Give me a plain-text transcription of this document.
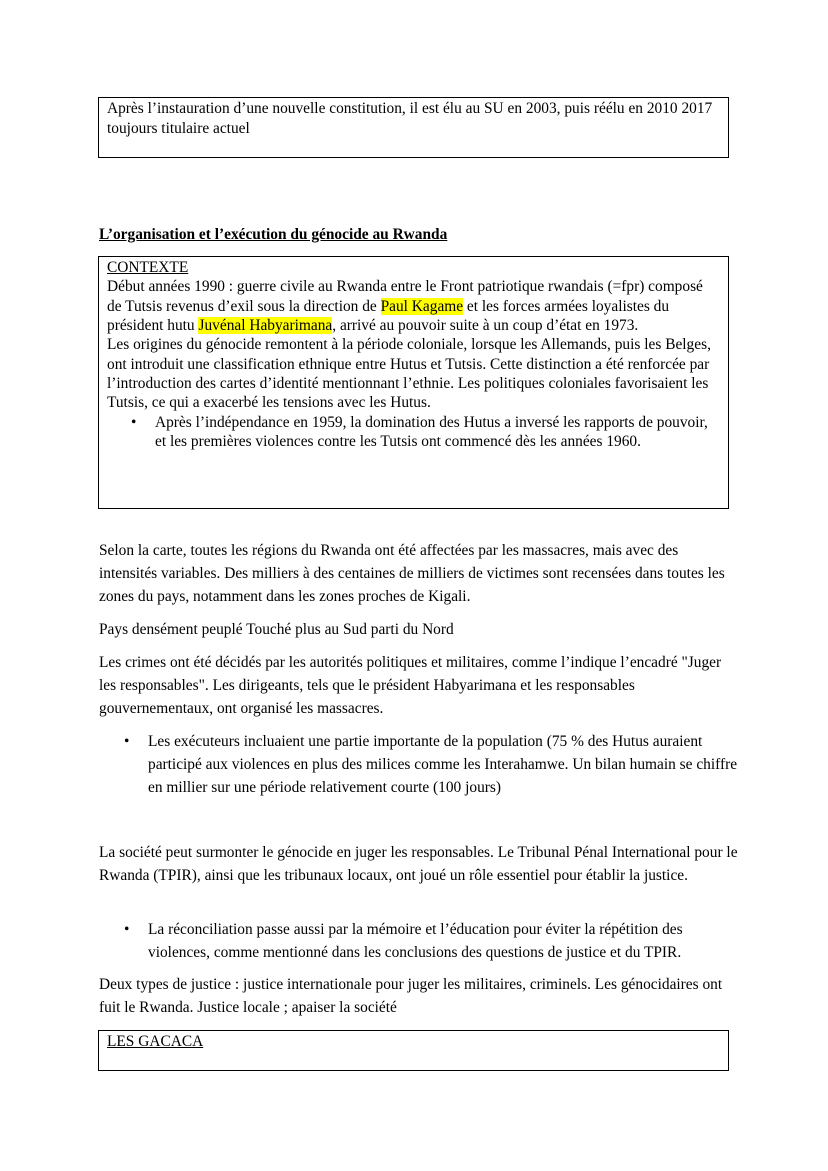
Après l’instauration d’une nouvelle constitution, il est élu au SU en 2003, puis réélu en 2010 2017 toujours titulaire actuel

L’organisation et l’exécution du génocide au Rwanda
CONTEXTE

Début années 1990 : guerre civile au Rwanda entre le Front patriotique rwandais (=fpr) composé de Tutsis revenus d’exil sous la direction de Paul Kagame et les forces armées loyalistes du président hutu Juvénal Habyarimana, arrivé au pouvoir suite à un coup d’état en 1973.

Les origines du génocide remontent à la période coloniale, lorsque les Allemands, puis les Belges, ont introduit une classification ethnique entre Hutus et Tutsis. Cette distinction a été renforcée par l’introduction des cartes d’identité mentionnant l’ethnie. Les politiques coloniales favorisaient les Tutsis, ce qui a exacerbé les tensions avec les Hutus.

• Après l’indépendance en 1959, la domination des Hutus a inversé les rapports de pouvoir, et les premières violences contre les Tutsis ont commencé dès les années 1960.

Selon la carte, toutes les régions du Rwanda ont été affectées par les massacres, mais avec des intensités variables. Des milliers à des centaines de milliers de victimes sont recensées dans toutes les zones du pays, notamment dans les zones proches de Kigali.

Pays densément peuplé Touché plus au Sud parti du Nord

Les crimes ont été décidés par les autorités politiques et militaires, comme l’indique l’encadré "Juger les responsables". Les dirigeants, tels que le président Habyarimana et les responsables gouvernementaux, ont organisé les massacres.

• Les exécuteurs incluaient une partie importante de la population (75 % des Hutus auraient participé aux violences en plus des milices comme les Interahamwe. Un bilan humain se chiffre en millier sur une période relativement courte (100 jours)

La société peut surmonter le génocide en juger les responsables. Le Tribunal Pénal International pour le Rwanda (TPIR), ainsi que les tribunaux locaux, ont joué un rôle essentiel pour établir la justice.

• La réconciliation passe aussi par la mémoire et l’éducation pour éviter la répétition des violences, comme mentionné dans les conclusions des questions de justice et du TPIR.

Deux types de justice : justice internationale pour juger les militaires, criminels. Les génocidaires ont fuit le Rwanda. Justice locale ; apaiser la société

LES GACACA
